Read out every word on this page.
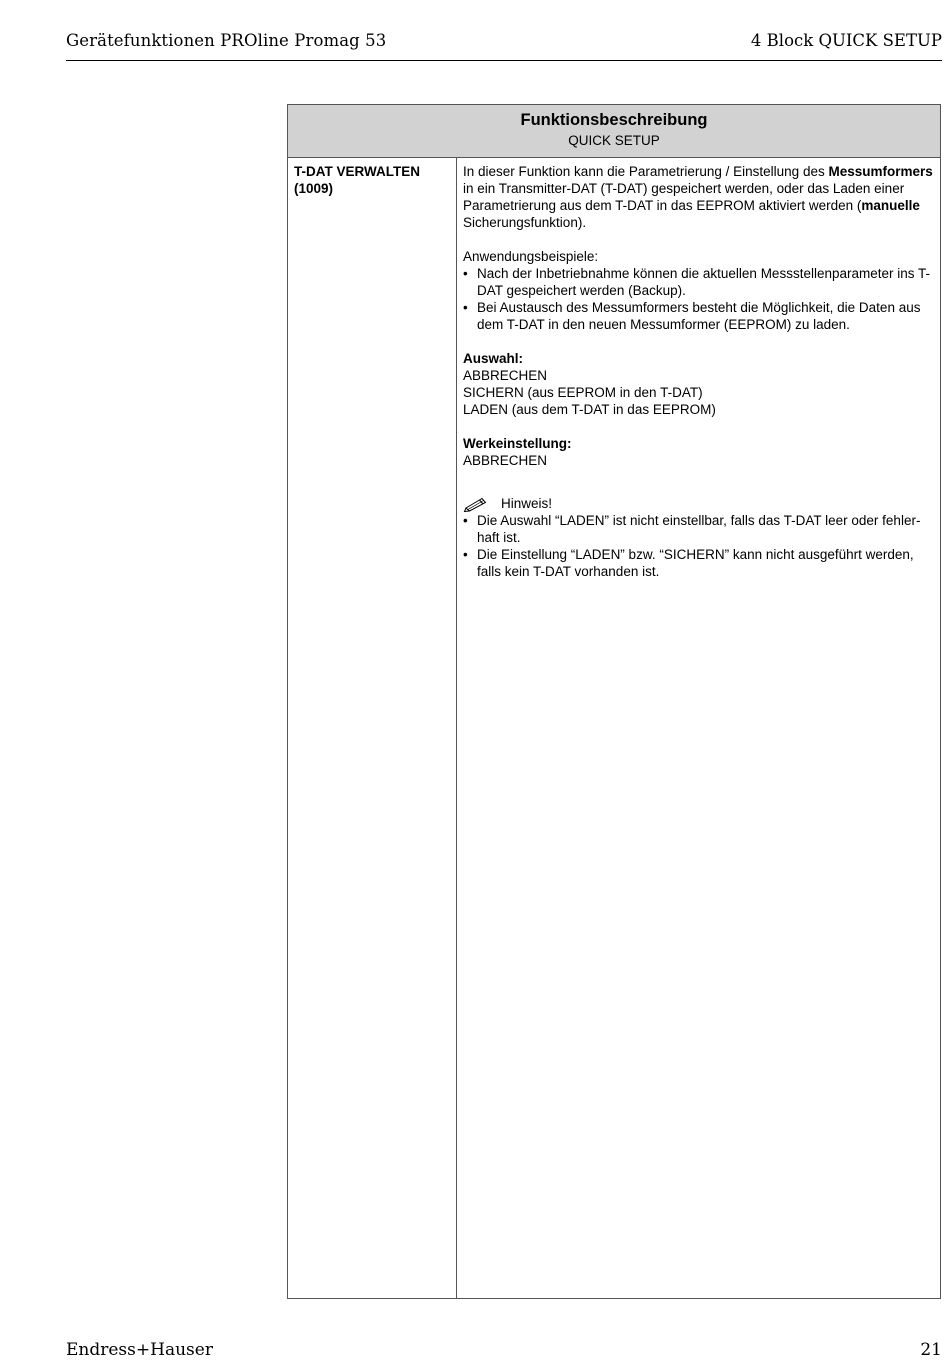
Gerätefunktionen PROline Promag 53	4 Block QUICK SETUP
Funktionsbeschreibung
QUICK SETUP
T-DAT VERWALTEN
(1009)

In dieser Funktion kann die Parametrierung / Einstellung des Messumformers in ein Transmitter-DAT (T-DAT) gespeichert werden, oder das Laden einer Parametrierung aus dem T-DAT in das EEPROM aktiviert werden (manuelle Sicherungsfunktion).

Anwendungsbeispiele:
• Nach der Inbetriebnahme können die aktuellen Messstellenparameter ins T-DAT gespeichert werden (Backup).
• Bei Austausch des Messumformers besteht die Möglichkeit, die Daten aus dem T-DAT in den neuen Messumformer (EEPROM) zu laden.
Auswahl:
ABBRECHEN
SICHERN (aus EEPROM in den T-DAT)
LADEN (aus dem T-DAT in das EEPROM)
Werkeinstellung:
ABBRECHEN
Hinweis!
• Die Auswahl “LADEN” ist nicht einstellbar, falls das T-DAT leer oder fehler-haft ist.
• Die Einstellung “LADEN” bzw. “SICHERN” kann nicht ausgeführt werden, falls kein T-DAT vorhanden ist.
Endress+Hauser	21
